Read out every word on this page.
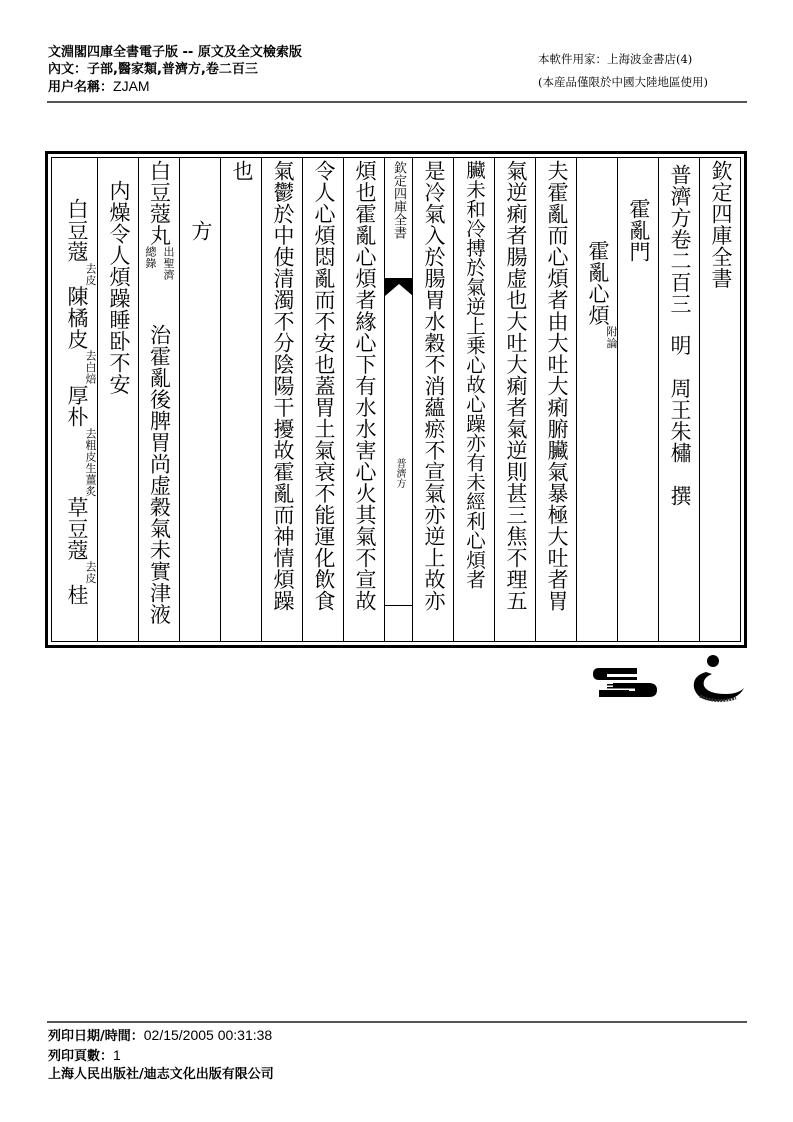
文淵閣四庫全書電子版 -- 原文及全文檢索版
內文：子部,醫家類,普濟方,卷二百三
用户名稱：ZJAM
本軟件用家：上海波金書店(4)
(本産品僅限於中國大陸地區使用)
欽定四庫全書
普濟方卷二百三明　周王朱橚　撰
霍亂門
霍亂心煩附論
夫霍亂而心煩者由大吐大痢腑臟氣暴極大吐者胃
氣逆痢者腸虚也大吐大痢者氣逆則甚三焦不理五
臟未和冷搏於氣逆上乗心故心躁亦有未經利心煩者
是冷氣入於腸胃水穀不消蘊瘀不宣氣亦逆上故亦
欽定四庫全書
普濟方
煩也霍亂心煩者緣心下有水水害心火其氣不宣故
令人心煩悶亂而不安也蓋胃土氣衰不能運化飲食
氣鬱於中使清濁不分陰陽干擾故霍亂而神情煩躁
也
方
白豆蔻丸
出聖濟
總錄
治霍亂後脾胃尚虚穀氣未實津液
内燥令人煩躁睡卧不安
白豆蔻去皮陳橘皮去白焙厚朴去粗皮生薑炙草豆蔻去皮桂
列印日期/時間：02/15/2005 00:31:38
列印頁數：1
上海人民出版社/迪志文化出版有限公司
